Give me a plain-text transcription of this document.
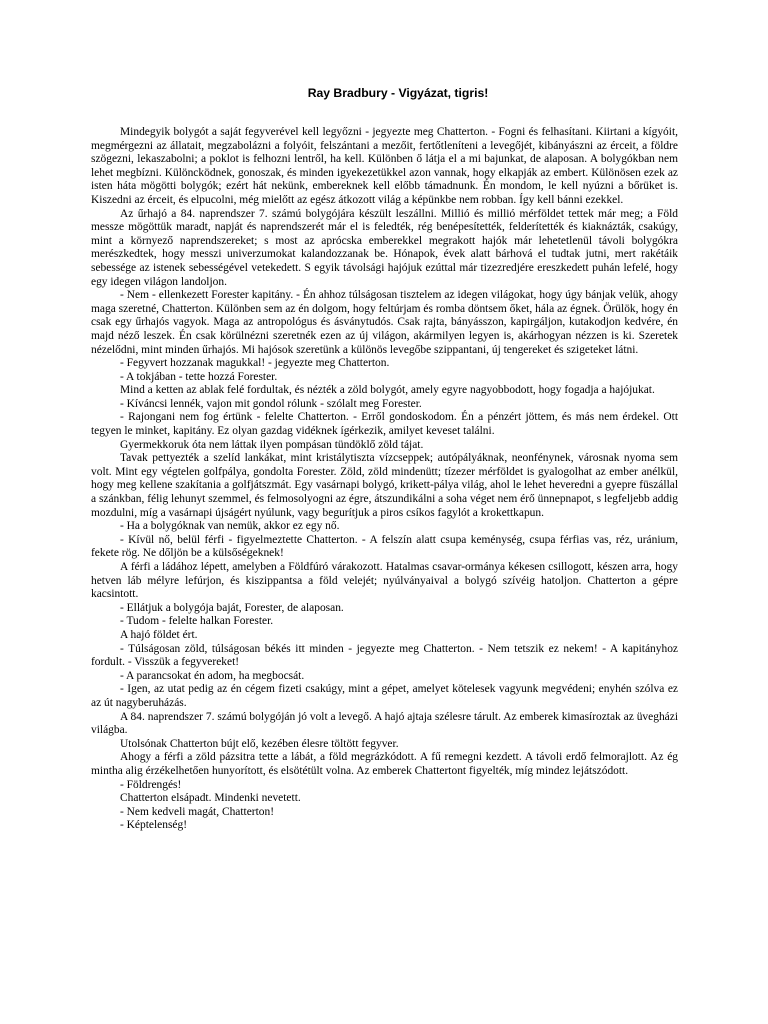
Ray Bradbury - Vigyázat, tigris!

Mindegyik bolygót a saját fegyverével kell legyőzni - jegyezte meg Chatterton. - Fogni és felhasítani. Kiirtani a kígyóit, megmérgezni az állatait, megzabolázni a folyóit, felszántani a mezőit, fertőtleníteni a levegőjét, kibányászni az érceit, a földre szögezni, lekaszabolni; a poklot is felhozni lentről, ha kell. Különben ő látja el a mi bajunkat, de alaposan. A bolygókban nem lehet megbízni. Különcködnek, gonoszak, és minden igyekezetükkel azon vannak, hogy elkapják az embert. Különösen ezek az isten háta mögötti bolygók; ezért hát nekünk, embereknek kell előbb támadnunk. Én mondom, le kell nyúzni a bőrüket is. Kiszedni az érceit, és elpucolni, még mielőtt az egész átkozott világ a képünkbe nem robban. Így kell bánni ezekkel.

Az űrhajó a 84. naprendszer 7. számú bolygójára készült leszállni. Millió és millió mérföldet tettek már meg; a Föld messze mögöttük maradt, napját és naprendszerét már el is feledték, rég benépesítették, felderítették és kiaknázták, csakúgy, mint a környező naprendszereket; s most az aprócska emberekkel megrakott hajók már lehetetlenül távoli bolygókra merészkedtek, hogy messzi univerzumokat kalandozzanak be. Hónapok, évek alatt bárhová el tudtak jutni, mert rakétáik sebessége az istenek sebességével vetekedett. S egyik távolsági hajójuk ezúttal már tizezredjére ereszkedett puhán lefelé, hogy egy idegen világon landoljon.

- Nem - ellenkezett Forester kapitány. - Én ahhoz túlságosan tisztelem az idegen világokat, hogy úgy bánjak velük, ahogy maga szeretné, Chatterton. Különben sem az én dolgom, hogy feltúrjam és romba döntsem őket, hála az égnek. Örülök, hogy én csak egy űrhajós vagyok. Maga az antropológus és ásványtudós. Csak rajta, bányásszon, kapirgáljon, kutakodjon kedvére, én majd néző leszek. Én csak körülnézni szeretnék ezen az új világon, akármilyen legyen is, akárhogyan nézzen is ki. Szeretek nézelődni, mint minden űrhajós. Mi hajósok szeretünk a különös levegőbe szippantani, új tengereket és szigeteket látni.

- Fegyvert hozzanak magukkal! - jegyezte meg Chatterton.

- A tokjában - tette hozzá Forester.

Mind a ketten az ablak felé fordultak, és nézték a zöld bolygót, amely egyre nagyobbodott, hogy fogadja a hajójukat.

- Kíváncsi lennék, vajon mit gondol rólunk - szólalt meg Forester.

- Rajongani nem fog értünk - felelte Chatterton. - Erről gondoskodom. Én a pénzért jöttem, és más nem érdekel. Ott tegyen le minket, kapitány. Ez olyan gazdag vidéknek ígérkezik, amilyet keveset találni.

Gyermekkoruk óta nem láttak ilyen pompásan tündöklő zöld tájat.

Tavak pettyezték a szelíd lankákat, mint kristálytiszta vízcseppek; autópályáknak, neonfénynek, városnak nyoma sem volt. Mint egy végtelen golfpálya, gondolta Forester. Zöld, zöld mindenütt; tízezer mérföldet is gyalogolhat az ember anélkül, hogy meg kellene szakítania a golfjátszmát. Egy vasárnapi bolygó, krikett-pálya világ, ahol le lehet heveredni a gyepre füszállal a szánkban, félig lehunyt szemmel, és felmosolyogni az égre, átszundikálni a soha véget nem érő ünnepnapot, s legfeljebb addig mozdulni, míg a vasárnapi újságért nyúlunk, vagy begurítjuk a piros csíkos fagylót a krokettkapun.

- Ha a bolygóknak van nemük, akkor ez egy nő.

- Kívül nő, belül férfi - figyelmeztette Chatterton. - A felszín alatt csupa keménység, csupa férfias vas, réz, uránium, fekete rög. Ne dőljön be a külsőségeknek!

A férfi a ládához lépett, amelyben a Földfúró várakozott. Hatalmas csavar-ormánya kékesen csillogott, készen arra, hogy hetven láb mélyre lefúrjon, és kiszippantsa a föld velejét; nyúlványaival a bolygó szívéig hatoljon. Chatterton a gépre kacsintott.

- Ellátjuk a bolygója baját, Forester, de alaposan.

- Tudom - felelte halkan Forester.

A hajó földet ért.

- Túlságosan zöld, túlságosan békés itt minden - jegyezte meg Chatterton. - Nem tetszik ez nekem! - A kapitányhoz fordult. - Visszük a fegyvereket!

- A parancsokat én adom, ha megbocsát.

- Igen, az utat pedig az én cégem fizeti csakúgy, mint a gépet, amelyet kötelesek vagyunk megvédeni; enyhén szólva ez az út nagyberuházás.

A 84. naprendszer 7. számú bolygóján jó volt a levegő. A hajó ajtaja szélesre tárult. Az emberek kimasíroztak az üvegházi világba.

Utolsónak Chatterton bújt elő, kezében élesre töltött fegyver.

Ahogy a férfi a zöld pázsitra tette a lábát, a föld megrázkódott. A fű remegni kezdett. A távoli erdő felmorajlott. Az ég mintha alig érzékelhetően hunyorított, és elsötétült volna. Az emberek Chattertont figyelték, míg mindez lejátszódott.

- Földrengés!

Chatterton elsápadt. Mindenki nevetett.

- Nem kedveli magát, Chatterton!

- Képtelenség!
